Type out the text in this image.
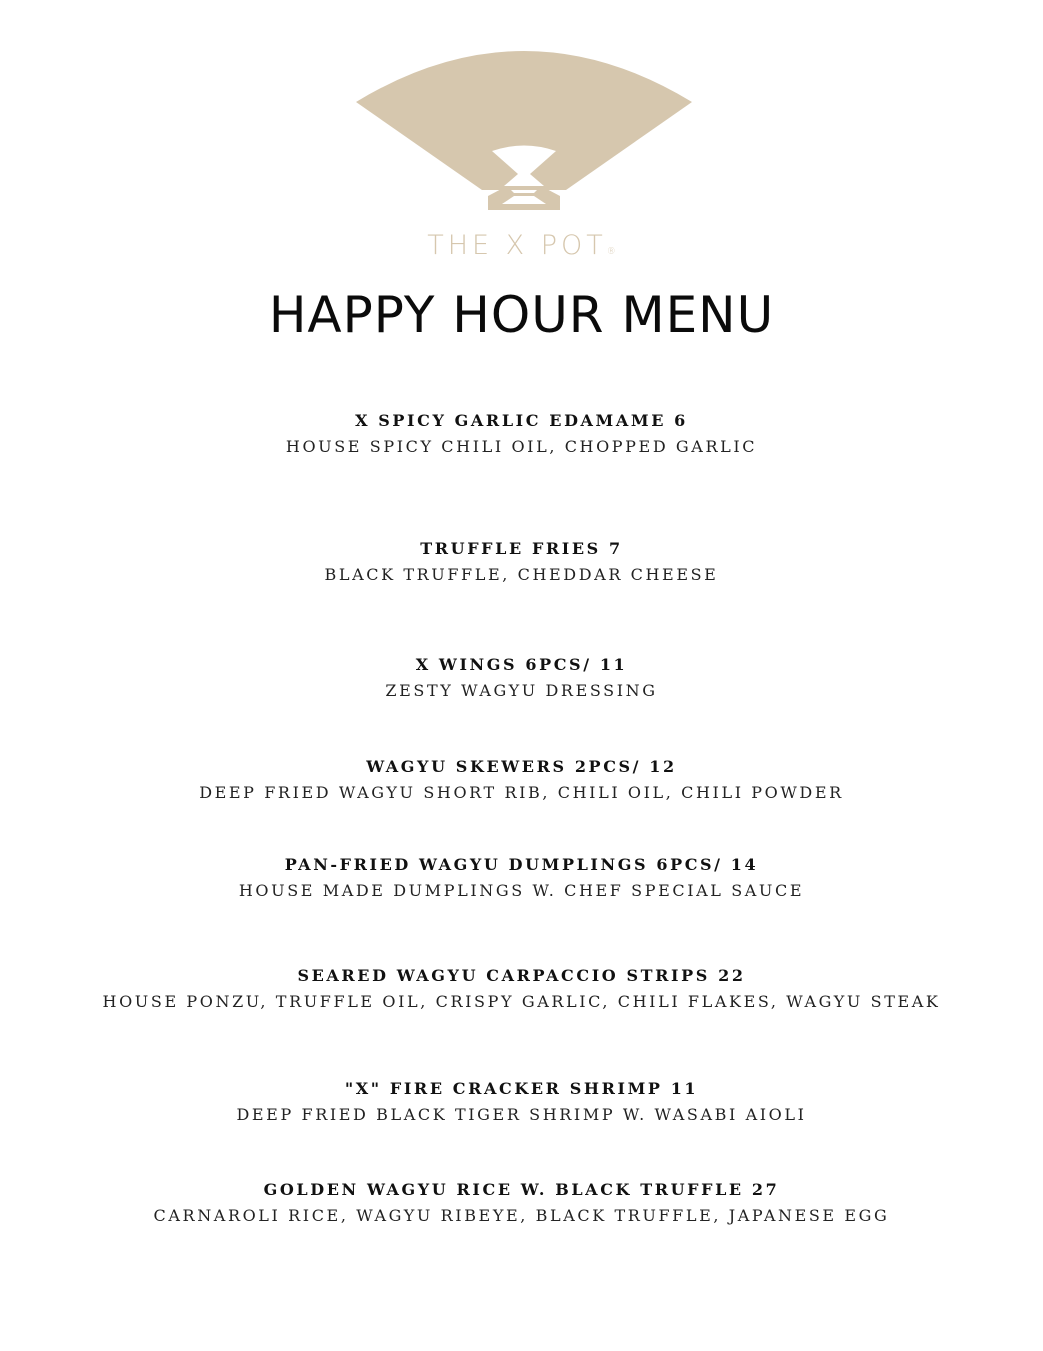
THE X POT®
HAPPY HOUR MENU
X SPICY GARLIC EDAMAME 6
HOUSE SPICY CHILI OIL, CHOPPED GARLIC
TRUFFLE FRIES 7
BLACK TRUFFLE, CHEDDAR CHEESE
X WINGS 6PCS/ 11
ZESTY WAGYU DRESSING
WAGYU SKEWERS 2PCS/ 12
DEEP FRIED WAGYU SHORT RIB, CHILI OIL, CHILI POWDER
PAN-FRIED WAGYU DUMPLINGS 6PCS/ 14
HOUSE MADE DUMPLINGS W. CHEF SPECIAL SAUCE
SEARED WAGYU CARPACCIO STRIPS 22
HOUSE PONZU, TRUFFLE OIL, CRISPY GARLIC, CHILI FLAKES, WAGYU STEAK
"X" FIRE CRACKER SHRIMP 11
DEEP FRIED BLACK TIGER SHRIMP W. WASABI AIOLI
GOLDEN WAGYU RICE W. BLACK TRUFFLE 27
CARNAROLI RICE, WAGYU RIBEYE, BLACK TRUFFLE, JAPANESE EGG
